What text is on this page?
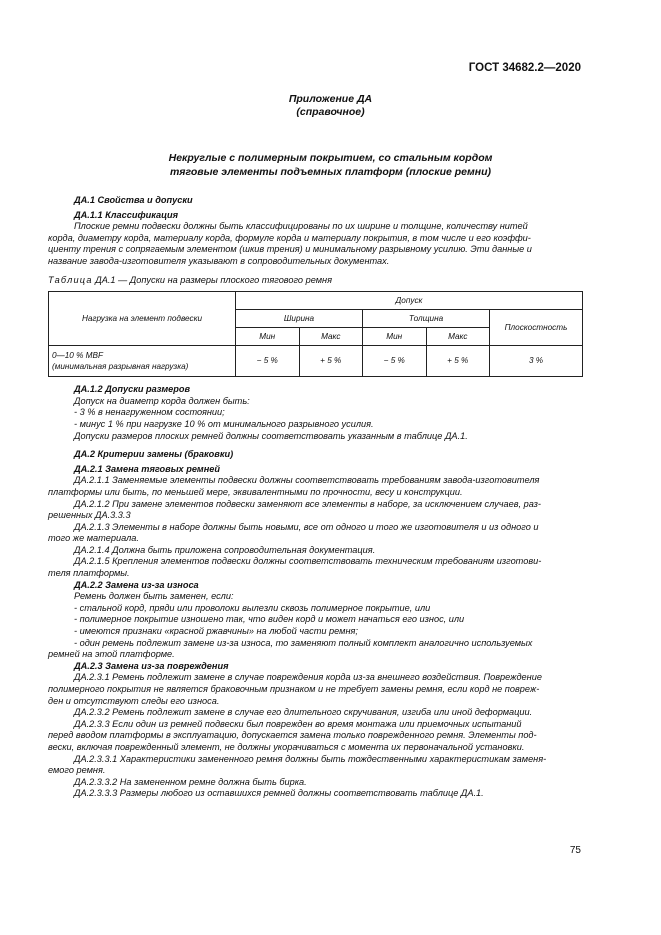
ГОСТ 34682.2—2020
Приложение ДА
(справочное)
Некруглые с полимерным покрытием, со стальным кордом
тяговые элементы подъемных платформ (плоские ремни)

ДА.1 Свойства и допуски

ДА.1.1 Классификация

Плоские ремни подвески должны быть классифицированы по их ширине и толщине, количеству нитей

корда, диаметру корда, материалу корда, формуле корда и материалу покрытия, в том числе и его коэффи-

циенту трения с сопрягаемым элементом (шкив трения) и минимальному разрывному усилию. Эти данные и

название завода-изготовителя указывают в сопроводительных документах.

Таблица ДА.1 — Допуски на размеры плоского тягового ремня

Нагрузка на элемент подвески	Допуск				
	Ширина		Толщина		Плоскостность
	Мин	Макс	Мин	Макс	

0—10 % MBF
(минимальная разрывная нагрузка)	− 5 %	+ 5 %	− 5 %	+ 5 %	3 %

ДА.1.2 Допуски размеров

Допуск на диаметр корда должен быть:

- 3 % в ненагруженном состоянии;

- минус 1 % при нагрузке 10 % от минимального разрывного усилия.

Допуски размеров плоских ремней должны соответствовать указанным в таблице ДА.1.

ДА.2 Критерии замены (браковки)

ДА.2.1 Замена тяговых ремней

ДА.2.1.1 Заменяемые элементы подвески должны соответствовать требованиям завода-изготовителя

платформы или быть, по меньшей мере, эквивалентными по прочности, весу и конструкции.

ДА.2.1.2 При замене элементов подвески заменяют все элементы в наборе, за исключением случаев, раз-

решенных ДА.3.3.3

ДА.2.1.3 Элементы в наборе должны быть новыми, все от одного и того же изготовителя и из одного и

того же материала.

ДА.2.1.4 Должна быть приложена сопроводительная документация.

ДА.2.1.5 Крепления элементов подвески должны соответствовать техническим требованиям изготови-

теля платформы.

ДА.2.2 Замена из-за износа

Ремень должен быть заменен, если:

- стальной корд, пряди или проволоки вылезли сквозь полимерное покрытие, или

- полимерное покрытие изношено так, что виден корд и может начаться его износ, или

- имеются признаки «красной ржавчины» на любой части ремня;

- один ремень подлежит замене из-за износа, то заменяют полный комплект аналогично используемых

ремней на этой платформе.

ДА.2.3 Замена из-за повреждения

ДА.2.3.1 Ремень подлежит замене в случае повреждения корда из-за внешнего воздействия. Повреждение

полимерного покрытия не является браковочным признаком и не требует замены ремня, если корд не повреж-

ден и отсутствуют следы его износа.

ДА.2.3.2 Ремень подлежит замене в случае его длительного скручивания, изгиба или иной деформации.

ДА.2.3.3 Если один из ремней подвески был поврежден во время монтажа или приемочных испытаний

перед вводом платформы в эксплуатацию, допускается замена только поврежденного ремня. Элементы под-

вески, включая поврежденный элемент, не должны укорачиваться с момента их первоначальной установки.

ДА.2.3.3.1 Характеристики замененного ремня должны быть тождественными характеристикам заменя-

емого ремня.

ДА.2.3.3.2 На замененном ремне должна быть бирка.

ДА.2.3.3.3 Размеры любого из оставшихся ремней должны соответствовать таблице ДА.1.

75
